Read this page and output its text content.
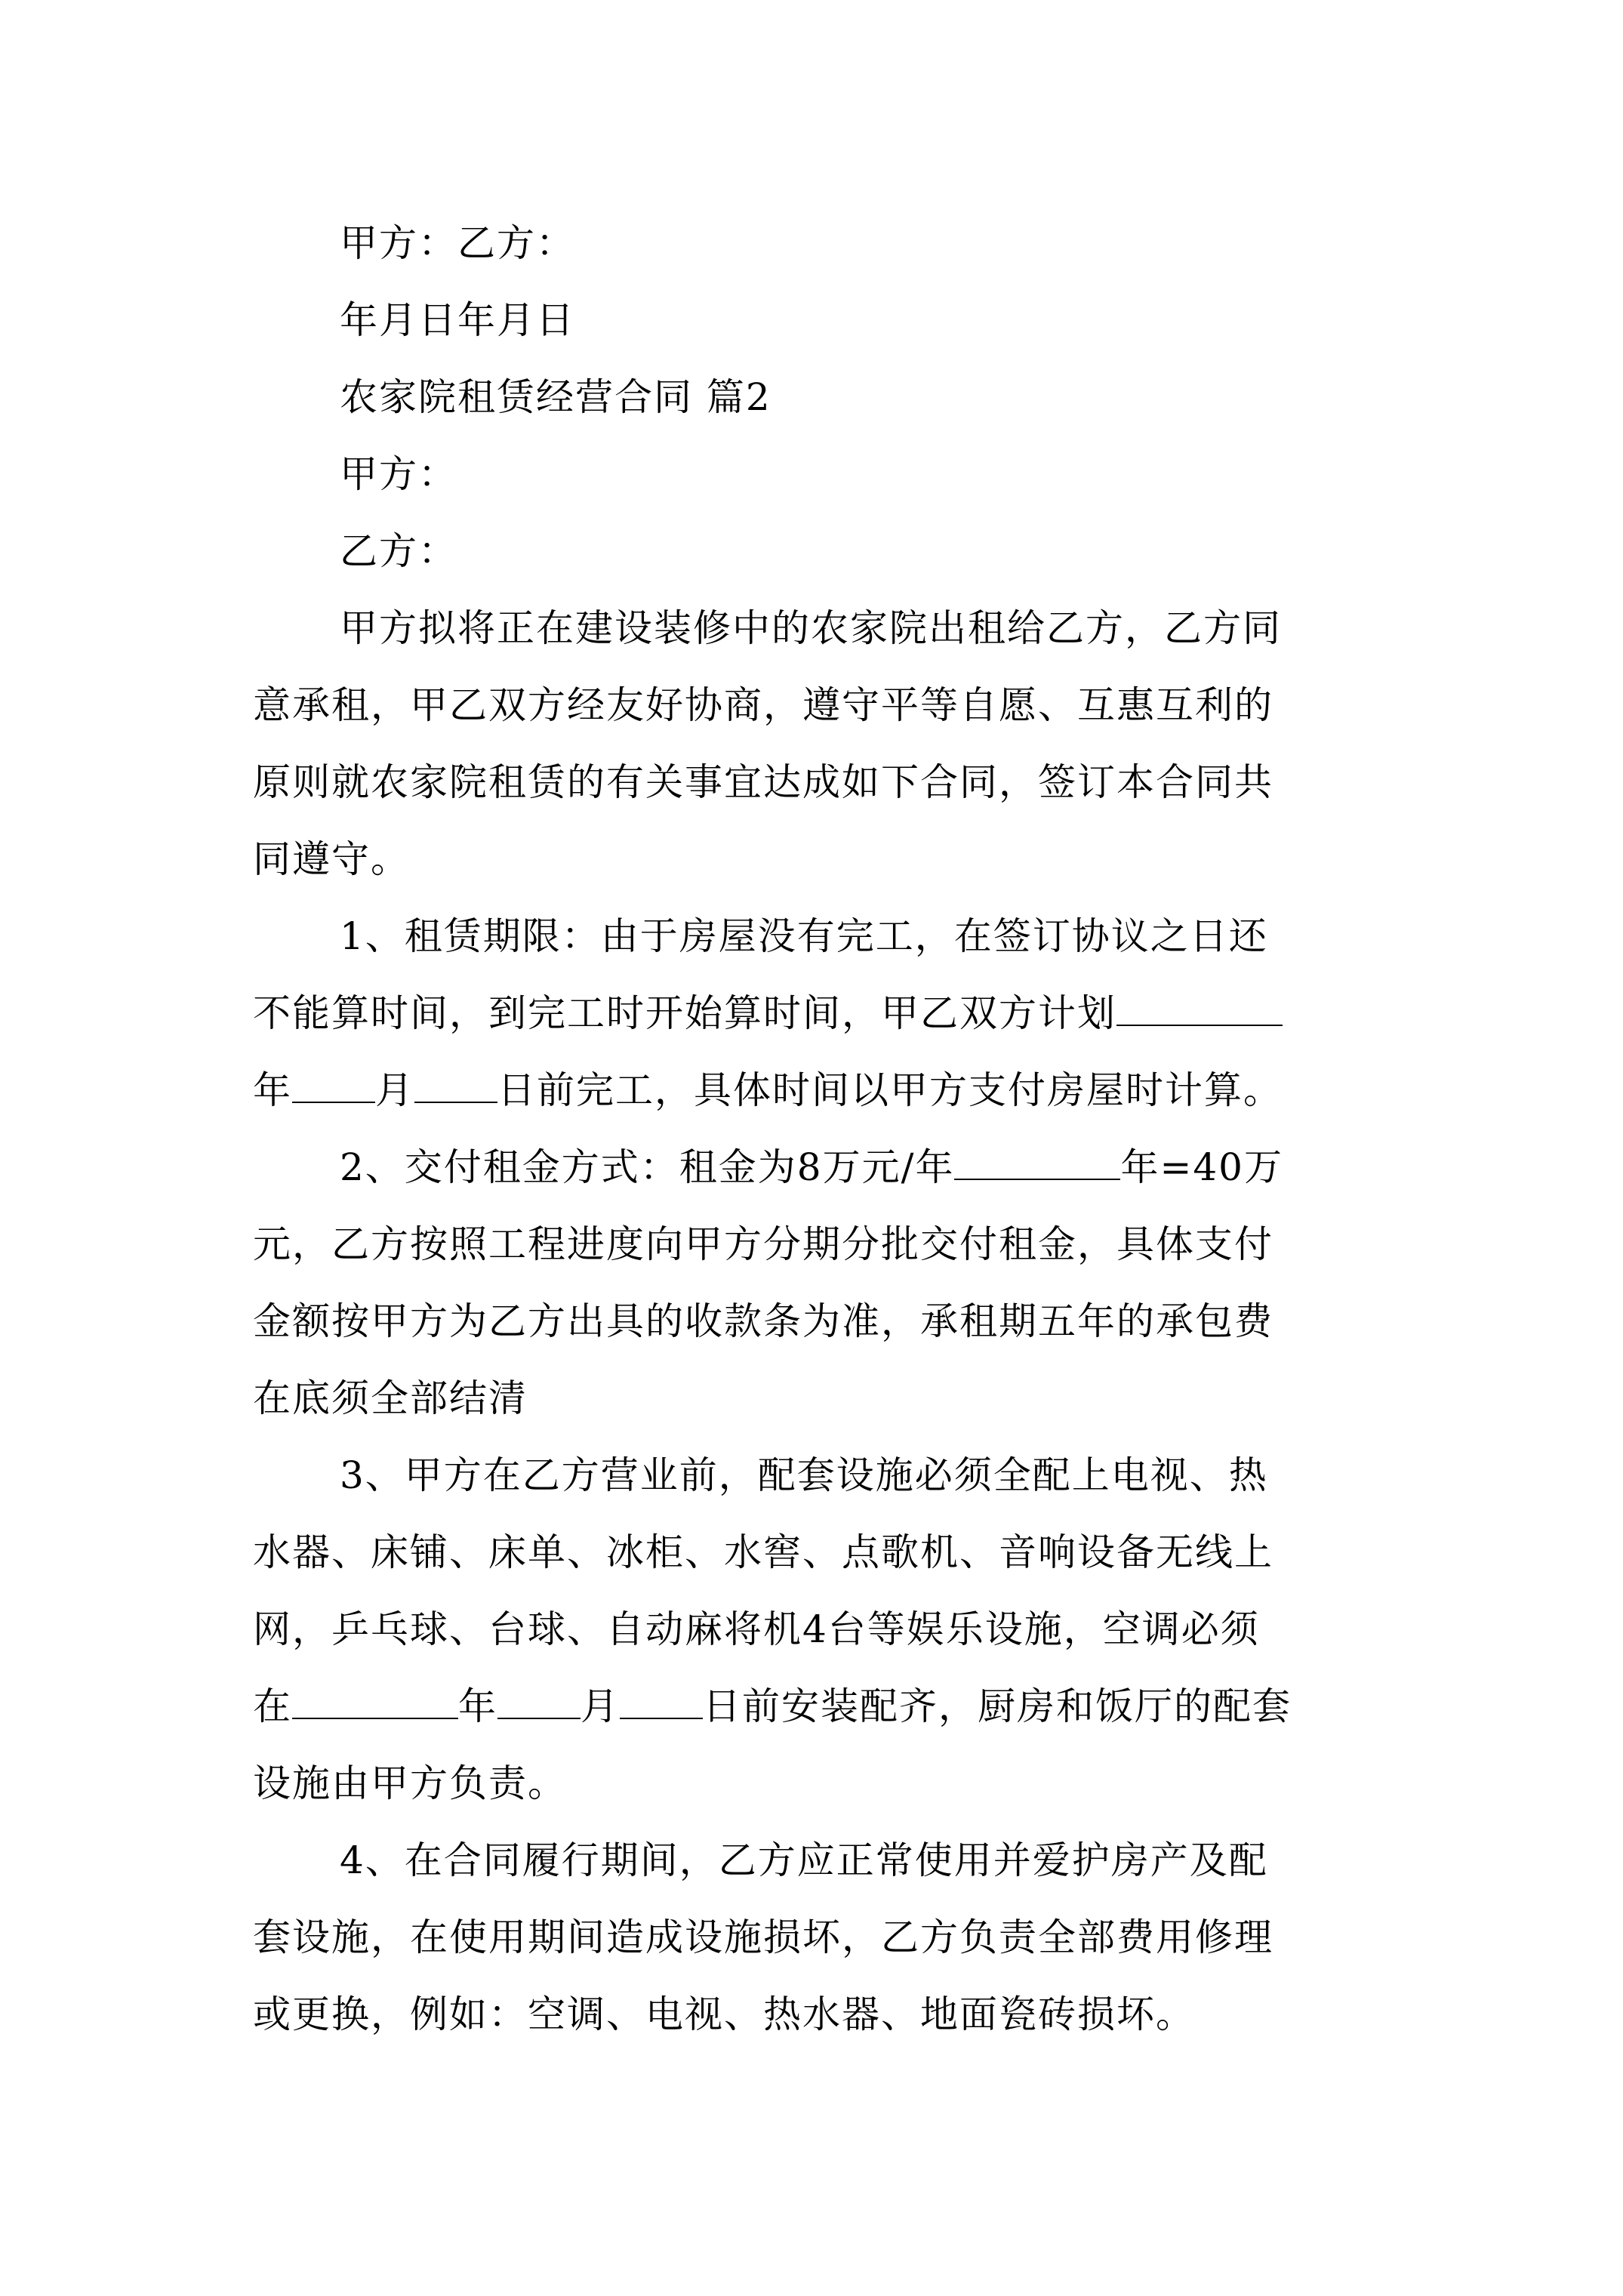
甲方：乙方：
年月日年月日
农家院租赁经营合同 篇2
甲方：
乙方：
甲方拟将正在建设装修中的农家院出租给乙方，乙方同
意承租，甲乙双方经友好协商，遵守平等自愿、互惠互利的
原则就农家院租赁的有关事宜达成如下合同，签订本合同共
同遵守。
1、租赁期限：由于房屋没有完工，在签订协议之日还
不能算时间，到完工时开始算时间，甲乙双方计划
年 月 日前完工，具体时间以甲方支付房屋时计算。
2、交付租金方式：租金为8万元/年	年=40万
元，乙方按照工程进度向甲方分期分批交付租金，具体支付
金额按甲方为乙方出具的收款条为准，承租期五年的承包费
在底须全部结清
3、甲方在乙方营业前，配套设施必须全配上电视、热
水器、床铺、床单、冰柜、水窖、点歌机、音响设备无线上
网，乒乓球、台球、自动麻将机4台等娱乐设施，空调必须
在	年 月 日前安装配齐，厨房和饭厅的配套
设施由甲方负责。
4、在合同履行期间，乙方应正常使用并爱护房产及配
套设施，在使用期间造成设施损坏，乙方负责全部费用修理
或更换，例如：空调、电视、热水器、地面瓷砖损坏。
